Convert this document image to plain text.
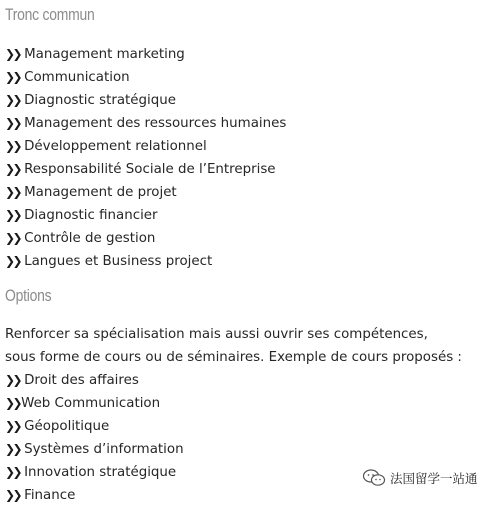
Tronc commun
❯❯ Management marketing
❯❯ Communication
❯❯ Diagnostic stratégique
❯❯ Management des ressources humaines
❯❯ Développement relationnel
❯❯ Responsabilité Sociale de l’Entreprise
❯❯ Management de projet
❯❯ Diagnostic financier
❯❯ Contrôle de gestion
❯❯ Langues et Business project
Options

Renforcer sa spécialisation mais aussi ouvrir ses compétences,

sous forme de cours ou de séminaires. Exemple de cours proposés :

❯❯ Droit des affaires
❯❯Web Communication
❯❯ Géopolitique
❯❯ Systèmes d’information
❯❯ Innovation stratégique
❯❯ Finance
法国留学一站通
